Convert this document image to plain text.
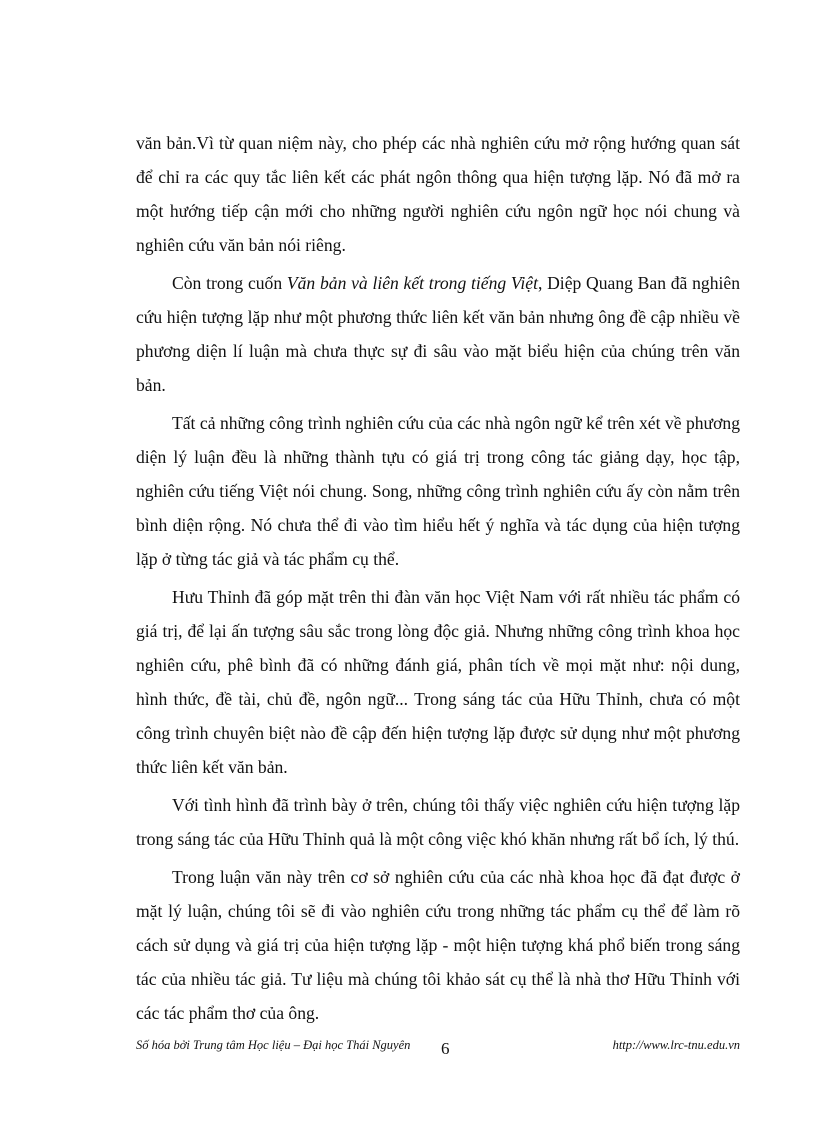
văn bản.Vì từ quan niệm này, cho phép các nhà nghiên cứu mở rộng hướng quan sát để chỉ ra các quy tắc liên kết các phát ngôn thông qua hiện tượng lặp. Nó đã mở ra một hướng tiếp cận mới cho những người nghiên cứu ngôn ngữ học nói chung và nghiên cứu văn bản nói riêng.

Còn trong cuốn Văn bản và liên kết trong tiếng Việt, Diệp Quang Ban đã nghiên cứu hiện tượng lặp như một phương thức liên kết văn bản nhưng ông đề cập nhiều về phương diện lí luận mà chưa thực sự đi sâu vào mặt biểu hiện của chúng trên văn bản.

Tất cả những công trình nghiên cứu của các nhà ngôn ngữ kể trên xét về phương diện lý luận đều là những thành tựu có giá trị trong công tác giảng dạy, học tập, nghiên cứu tiếng Việt nói chung. Song, những công trình nghiên cứu ấy còn nằm trên bình diện rộng. Nó chưa thể đi vào tìm hiểu hết ý nghĩa và tác dụng của hiện tượng lặp ở từng tác giả và tác phẩm cụ thể.

Hưu Thỉnh đã góp mặt trên thi đàn văn học Việt Nam với rất nhiều tác phẩm có giá trị, để lại ấn tượng sâu sắc trong lòng độc giả. Nhưng những công trình khoa học nghiên cứu, phê bình đã có những đánh giá, phân tích về mọi mặt như: nội dung, hình thức, đề tài, chủ đề, ngôn ngữ... Trong sáng tác của Hữu Thỉnh, chưa có một công trình chuyên biệt nào đề cập đến hiện tượng lặp được sử dụng như một phương thức liên kết văn bản.

Với tình hình đã trình bày ở trên, chúng tôi thấy việc nghiên cứu hiện tượng lặp trong sáng tác của Hữu Thỉnh quả là một công việc khó khăn nhưng rất bổ ích, lý thú.

Trong luận văn này trên cơ sở nghiên cứu của các nhà khoa học đã đạt được ở mặt lý luận, chúng tôi sẽ đi vào nghiên cứu trong những tác phẩm cụ thể để làm rõ cách sử dụng và giá trị của hiện tượng lặp - một hiện tượng khá phổ biến trong sáng tác của nhiều tác giả. Tư liệu mà chúng tôi khảo sát cụ thể là nhà thơ Hữu Thỉnh với các tác phẩm thơ của ông.

Số hóa bởi Trung tâm Học liệu – Đại học Thái Nguyên 6	http://www.lrc-tnu.edu.vn
